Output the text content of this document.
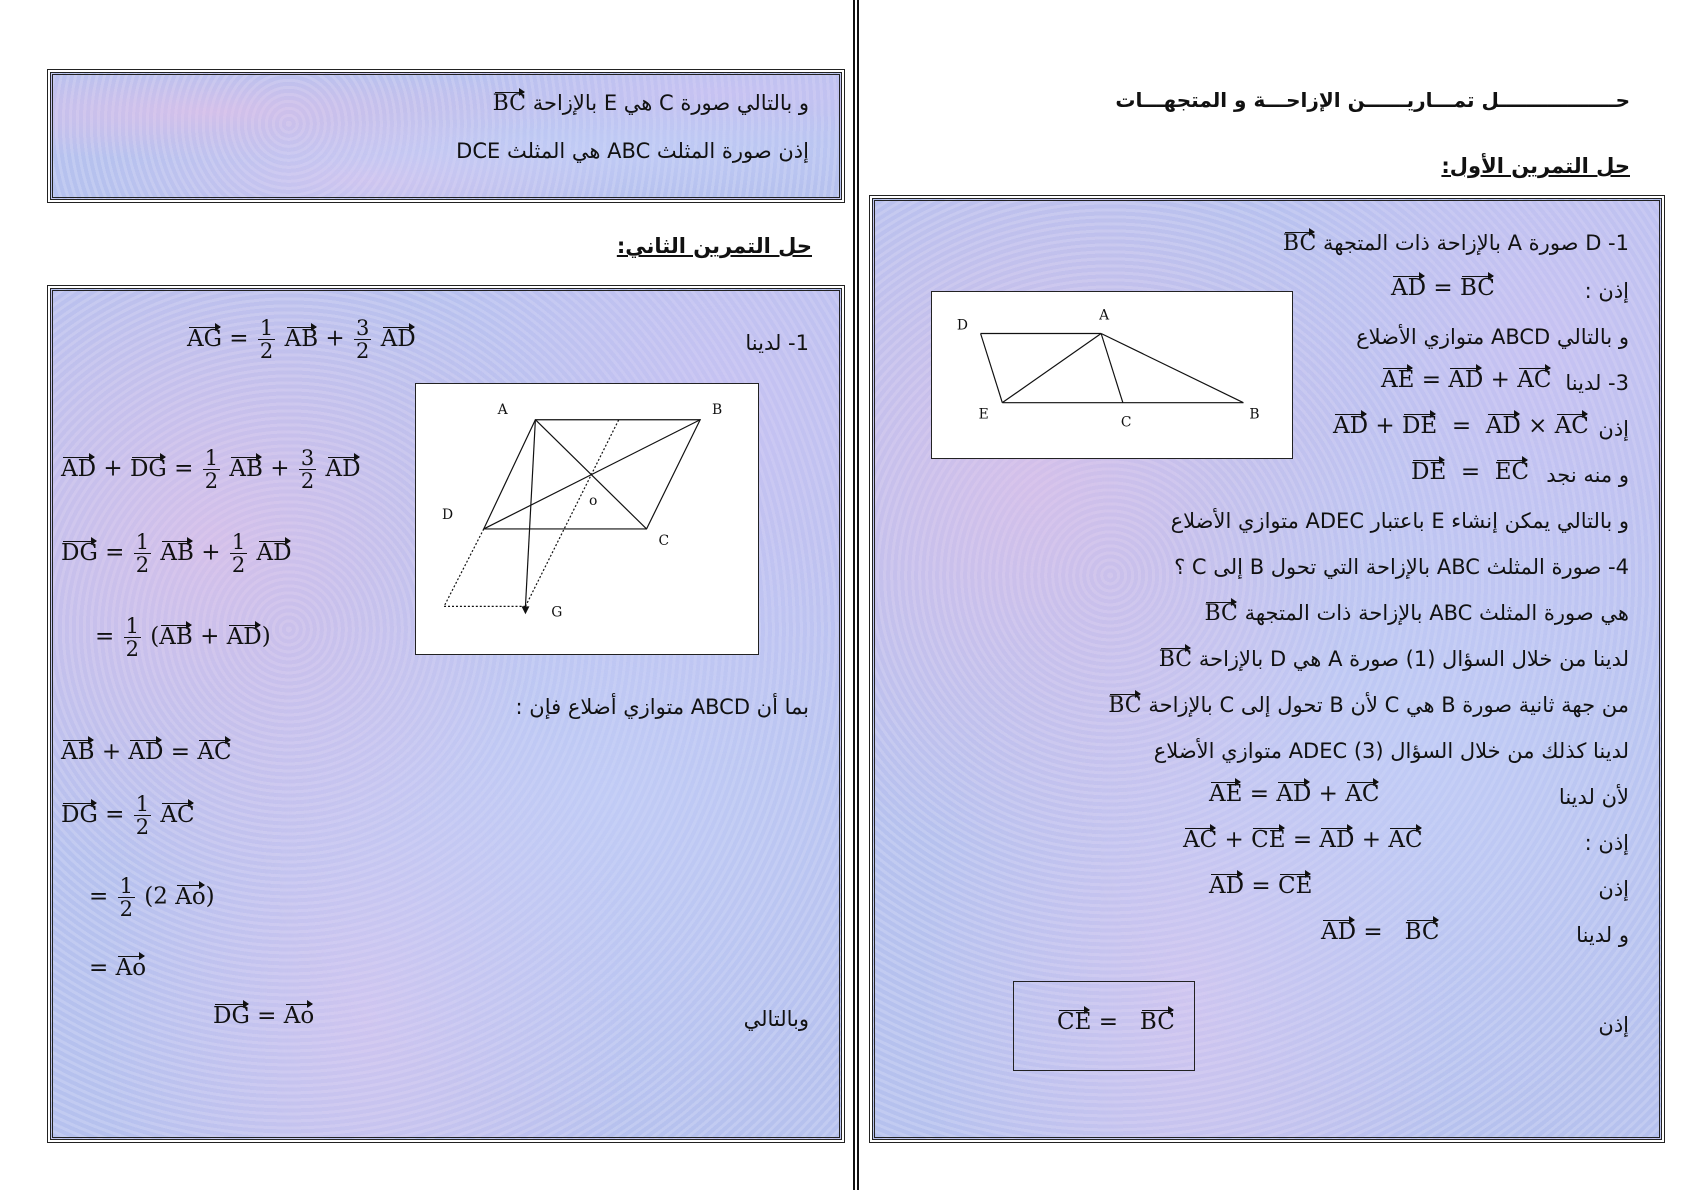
و بالتالي صورة C هي E بالإزاحة BC
إذن صورة المثلث ABC هي المثلث DCE
حل التمرين الثاني:
1- لدينا
AG = $\frac{1}{2}$ AB + $\frac{3}{2}$ AD
A	B
C
D
G
o
AD + DG = $\frac{1}{2}$ AB + $\frac{3}{2}$ AD
DG = $\frac{1}{2}$ AB + $\frac{1}{2}$ AD
= $\frac{1}{2} (AB + AD)$
بما أن ABCD متوازي أضلاع فإن :
AB + AD = AC
DG = $\frac{1}{2}$ AC
= $\frac{1}{2} (2$ Ao)
= Ao
وبالتالي
DG = Ao
حـــــــــــــــــل تمـــاريــــــن الإزاحـــة و المتجهـــات
حل التمرين الأول:
1- D صورة A بالإزاحة ذات المتجهة BC
إذن :
AD = BC
D
A
E	C	B
و بالتالي ABCD متوازي الأضلاع
3- لدينا
AE = AD + AC
إذن
AD + DE  =  AD × AC
و منه نجد
DE  =  EC
و بالتالي يمكن إنشاء E باعتبار ADEC متوازي الأضلاع
4- صورة المثلث ABC بالإزاحة التي تحول B إلى C ؟
هي صورة المثلث ABC بالإزاحة ذات المتجهة BC
لدينا من خلال السؤال (1) صورة A هي D بالإزاحة BC
من جهة ثانية صورة B هي C لأن B تحول إلى C بالإزاحة BC
لدينا كذلك من خلال السؤال (3) ADEC متوازي الأضلاع
لأن لدينا
AE = AD + AC
إذن :
AC + CE = AD + AC
إذن
AD = CE
و لدينا
AD =   BC
إذن
CE =   BC
